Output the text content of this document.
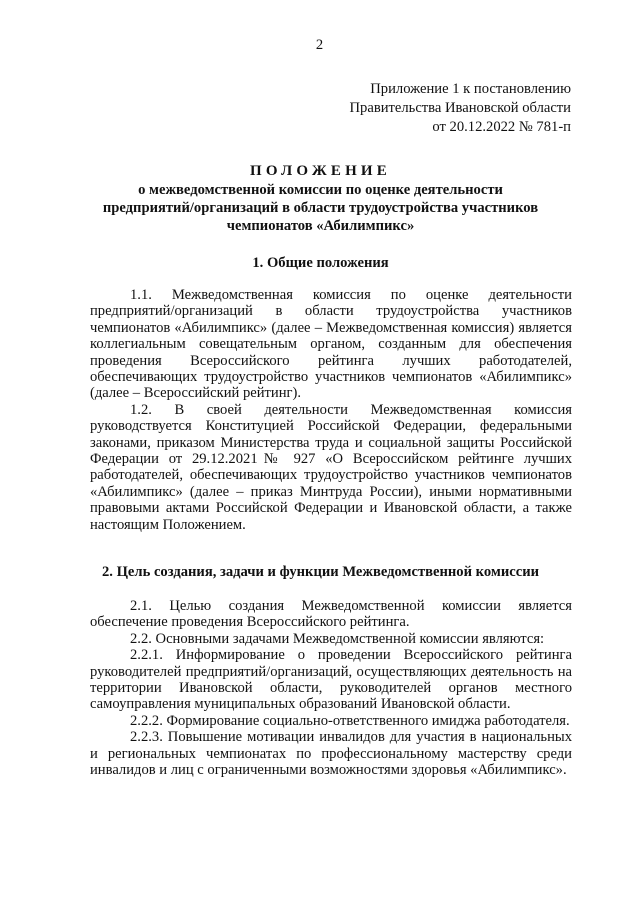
2
Приложение 1 к постановлению
Правительства Ивановской области
от 20.12.2022 № 781-п
ПОЛОЖЕНИЕ
о межведомственной комиссии по оценке деятельности
предприятий/организаций в области трудоустройства участников
чемпионатов «Абилимпикс»
1. Общие положения

1.1. Межведомственная комиссия по оценке деятельности предприятий/организаций в области трудоустройства участников чемпионатов «Абилимпикс» (далее – Межведомственная комиссия) является коллегиальным совещательным органом, созданным для обеспечения проведения Всероссийского рейтинга лучших работодателей, обеспечивающих трудоустройство участников чемпионатов «Абилимпикс» (далее – Всероссийский рейтинг).

1.2. В своей деятельности Межведомственная комиссия руководствуется Конституцией Российской Федерации, федеральными законами, приказом Министерства труда и социальной защиты Российской Федерации от 29.12.2021№ 927 «О Всероссийском рейтинге лучших работодателей, обеспечивающих трудоустройство участников чемпионатов «Абилимпикс» (далее – приказ Минтруда России), иными нормативными правовыми актами Российской Федерации и Ивановской области, а также настоящим Положением.

2. Цель создания, задачи и функции Межведомственной комиссии

2.1. Целью создания Межведомственной комиссии является обеспечение проведения Всероссийского рейтинга.

2.2. Основными задачами Межведомственной комиссии являются:

2.2.1. Информирование о проведении Всероссийского рейтинга руководителей предприятий/организаций, осуществляющих деятельность на территории Ивановской области, руководителей органов местного самоуправления муниципальных образований Ивановской области.

2.2.2. Формирование социально-ответственного имиджа работодателя.

2.2.3. Повышение мотивации инвалидов для участия в национальных и региональных чемпионатах по профессиональному мастерству среди инвалидов и лиц с ограниченными возможностями здоровья «Абилимпикс».
